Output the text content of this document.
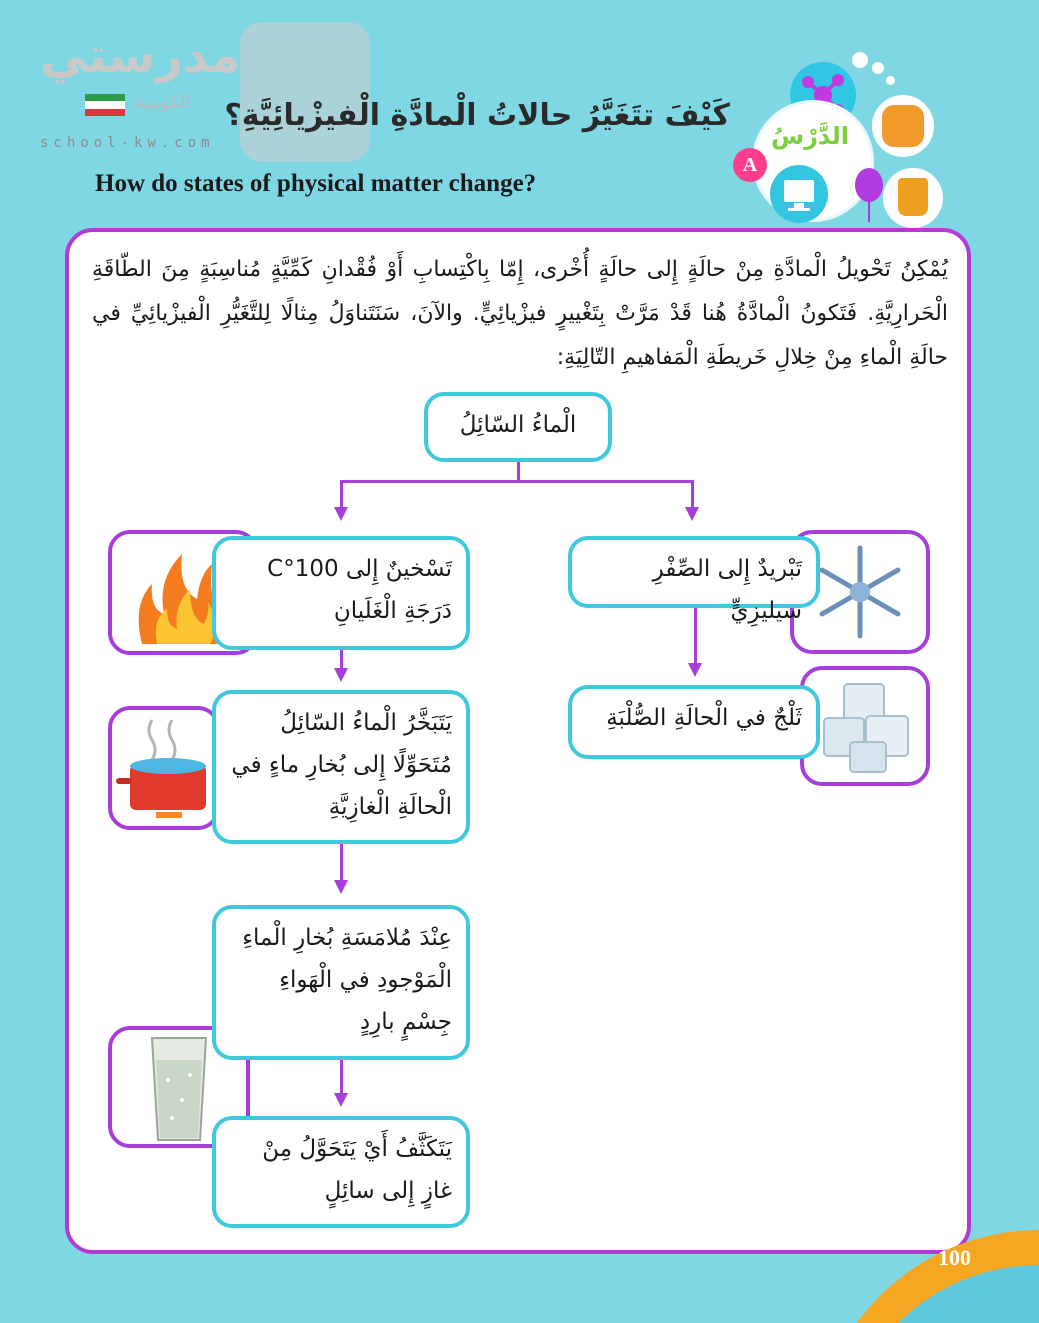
مدرستي
الكويتية
school-kw.com
كَيْفَ تتَغَيَّرُ حالاتُ الْمادَّةِ الْفيزْيائِيَّةِ؟
How do states of physical matter change?
الدَّرْسُ
A
يُمْكِنُ تَحْويلُ الْمادَّةِ مِنْ حالَةٍ إِلى حالَةٍ أُخْرى، إِمّا بِاكْتِسابِ أَوْ فُقْدانِ كَمِّيَّةٍ مُناسِبَةٍ مِنَ الطّاقَةِ الْحَرارِيَّةِ. فَتَكونُ الْمادَّةُ هُنا قَدْ مَرَّتْ بِتَغْييرٍ فيزْيائِيٍّ. والآنَ، سَنَتَناوَلُ مِثالًا لِلتَّغَيُّرِ الْفيزْيائِيِّ في حالَةِ الْماءِ مِنْ خِلالِ خَريطَةِ الْمَفاهيمِ التّالِيَةِ:
الْماءُ السّائِلُ
تَبْريدٌ إِلى الصِّفْرِ سيليزِيٍّ
ثَلْجٌ في الْحالَةِ الصُّلْبَةِ
تَسْخينٌ إِلى 100°C دَرَجَةِ الْغَلَيانِ
يَتَبَخَّرُ الْماءُ السّائِلُ مُتَحَوِّلًا إِلى بُخارِ ماءٍ في الْحالَةِ الْغازِيَّةِ
عِنْدَ مُلامَسَةِ بُخارِ الْماءِ الْمَوْجودِ في الْهَواءِ جِسْمٍ بارِدٍ
يَتَكَثَّفُ أَيْ يَتَحَوَّلُ مِنْ غازٍ إِلى سائِلٍ
100
